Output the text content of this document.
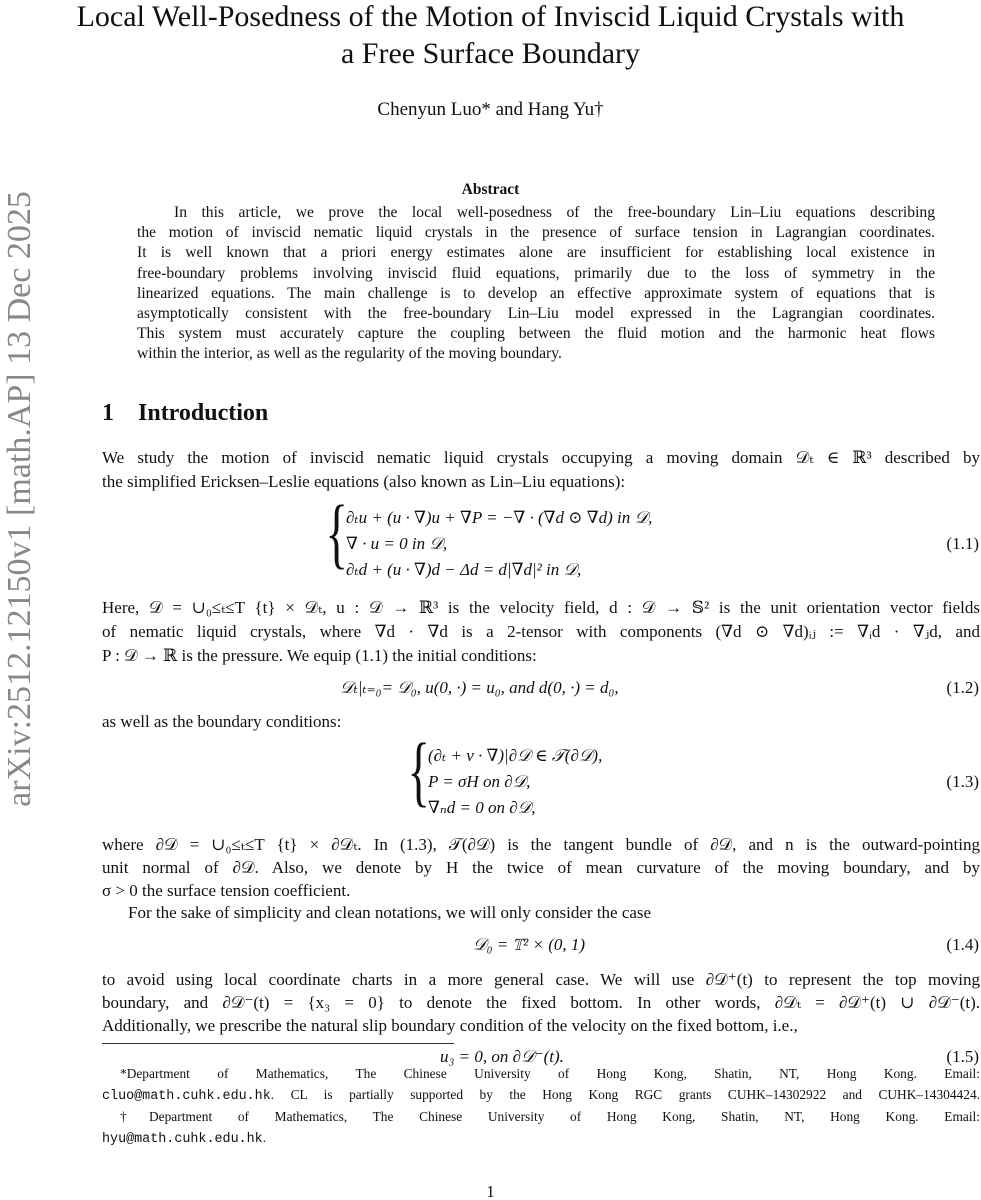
arXiv:2512.12150v1 [math.AP] 13 Dec 2025
Local Well-Posedness of the Motion of Inviscid Liquid Crystals with
a Free Surface Boundary
Chenyun Luo* and Hang Yu†
Abstract
In this article, we prove the local well-posedness of the free-boundary Lin–Liu equations describing
the motion of inviscid nematic liquid crystals in the presence of surface tension in Lagrangian coordinates.
It is well known that a priori energy estimates alone are insufficient for establishing local existence in
free-boundary problems involving inviscid fluid equations, primarily due to the loss of symmetry in the
linearized equations. The main challenge is to develop an effective approximate system of equations that is
asymptotically consistent with the free-boundary Lin–Liu model expressed in the Lagrangian coordinates.
This system must accurately capture the coupling between the fluid motion and the harmonic heat flows
within the interior, as well as the regularity of the moving boundary.
1 Introduction
We study the motion of inviscid nematic liquid crystals occupying a moving domain 𝒟ₜ ∈ ℝ³ described by
the simplified Ericksen–Leslie equations (also known as Lin–Liu equations):
{
∂ₜu + (u · ∇)u + ∇P = −∇ · (∇d ⊙ ∇d) in 𝒟,
∇ · u = 0 in 𝒟,
∂ₜd + (u · ∇)d − Δd = d|∇d|² in 𝒟,
(1.1)
Here, 𝒟 = ∪₀≤ₜ≤T {t} × 𝒟ₜ, u : 𝒟 → ℝ³ is the velocity field, d : 𝒟 → 𝕊² is the unit orientation vector fields
of nematic liquid crystals, where ∇d · ∇d is a 2-tensor with components (∇d ⊙ ∇d)ᵢⱼ := ∇ᵢd · ∇ⱼd, and
P : 𝒟 → ℝ is the pressure. We equip (1.1) the initial conditions:
𝒟ₜ|ₜ₌₀= 𝒟₀, u(0, ·) = u₀, and d(0, ·) = d₀,	(1.2)
as well as the boundary conditions:
{
(∂ₜ + v · ∇)|∂𝒟 ∈ 𝒯(∂𝒟),
P = σH on ∂𝒟,
∇ₙd = 0 on ∂𝒟,
(1.3)
where ∂𝒟 = ∪₀≤ₜ≤T {t} × ∂𝒟ₜ. In (1.3), 𝒯(∂𝒟) is the tangent bundle of ∂𝒟, and n is the outward-pointing
unit normal of ∂𝒟. Also, we denote by H the twice of mean curvature of the moving boundary, and by
σ > 0 the surface tension coefficient.
For the sake of simplicity and clean notations, we will only consider the case
𝒟₀ = 𝕋² × (0, 1)	(1.4)
to avoid using local coordinate charts in a more general case. We will use ∂𝒟⁺(t) to represent the top moving
boundary, and ∂𝒟⁻(t) = {x₃ = 0} to denote the fixed bottom. In other words, ∂𝒟ₜ = ∂𝒟⁺(t) ∪ ∂𝒟⁻(t).
Additionally, we prescribe the natural slip boundary condition of the velocity on the fixed bottom, i.e.,
u₃ = 0, on ∂𝒟⁻(t).	(1.5)
*Department of Mathematics, The Chinese University of Hong Kong, Shatin, NT, Hong Kong. Email:
cluo@math.cuhk.edu.hk. CL is partially supported by the Hong Kong RGC grants CUHK–14302922 and CUHK–14304424.
†Department of Mathematics, The Chinese University of Hong Kong, Shatin, NT, Hong Kong. Email:
hyu@math.cuhk.edu.hk.
1
